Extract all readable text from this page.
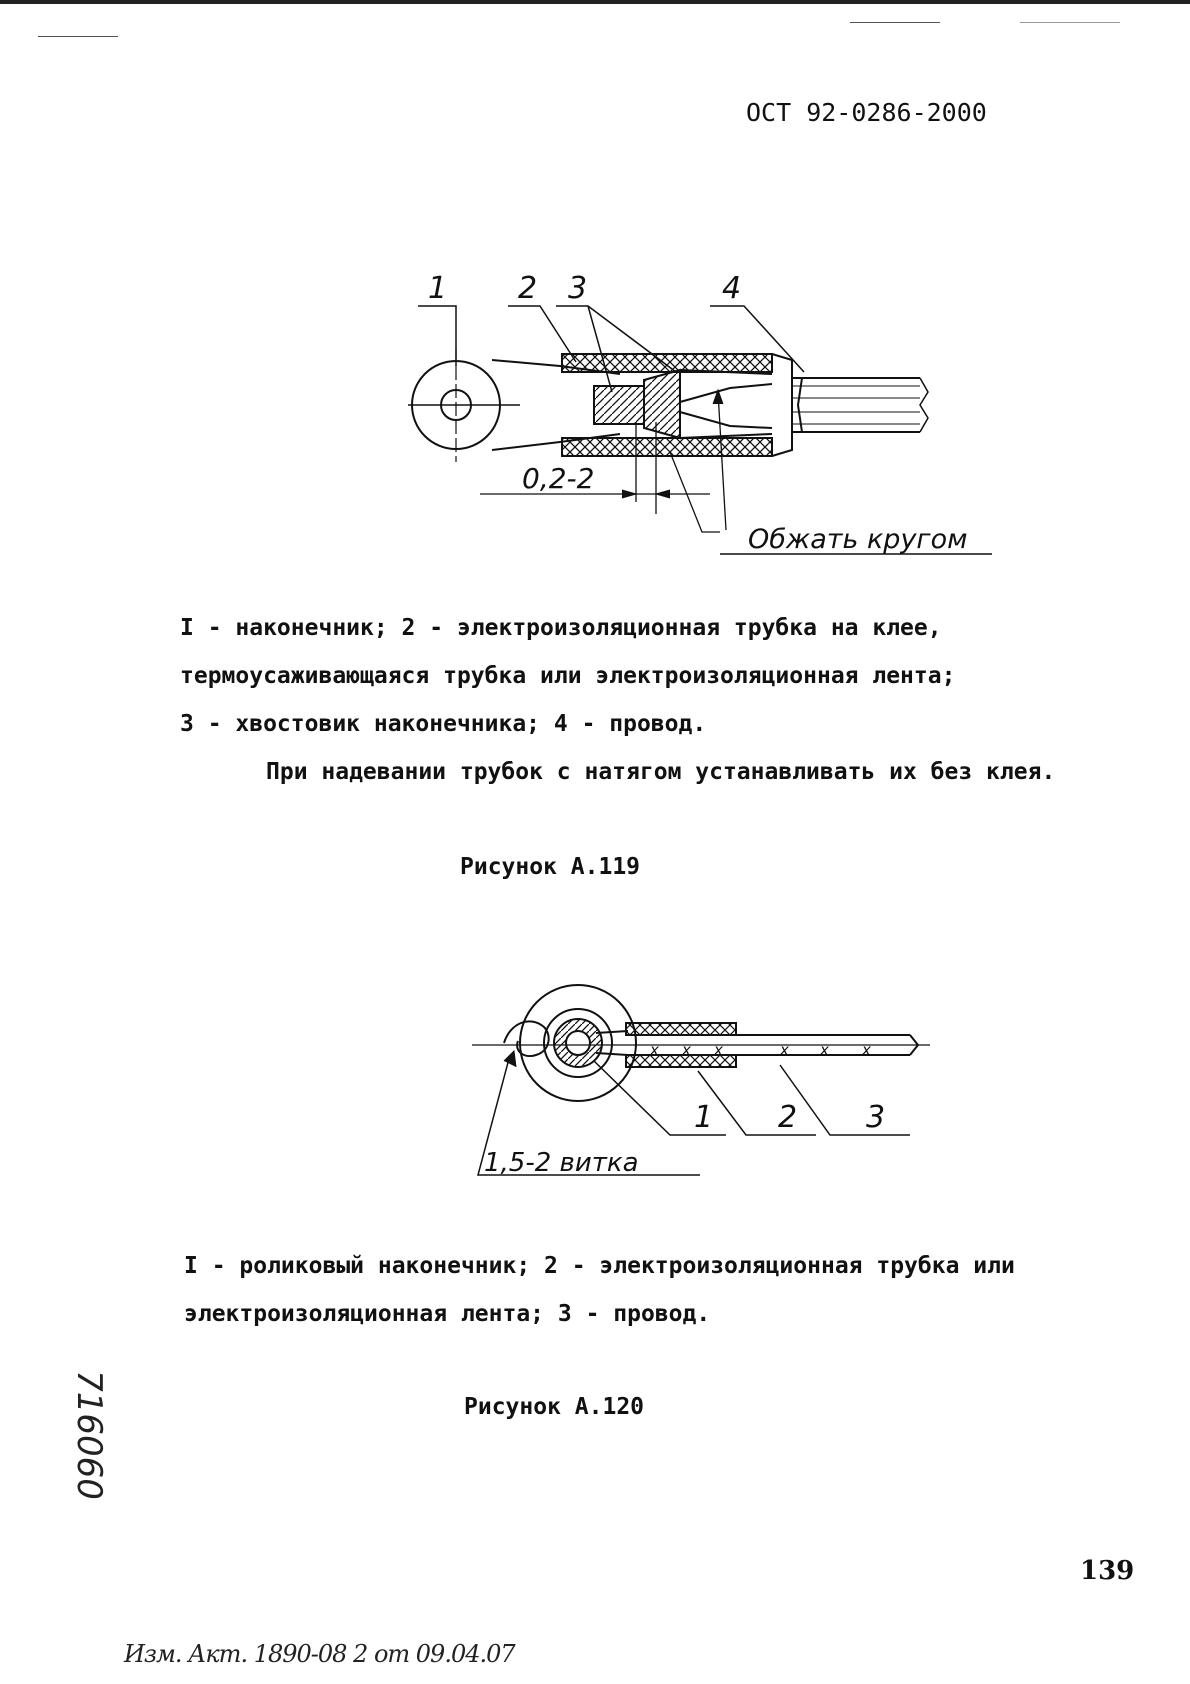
ОСТ 92-0286-2000
1 2 3	4
0,2-2
Обжать кругом
I - наконечник; 2 - электроизоляционная трубка на клее,
термоусаживающаяся трубка или электроизоляционная лента;
3 - хвостовик наконечника; 4 - провод.
При надевании трубок с натягом устанавливать их без клея.
Рисунок А.119
x x x	x x x
1 2 3
1,5-2 витка
I - роликовый наконечник; 2 - электроизоляционная трубка или
электроизоляционная лента; 3 - провод.
Рисунок А.120
139
716060
Изм. Акт. 1890-08 2 от 09.04.07
